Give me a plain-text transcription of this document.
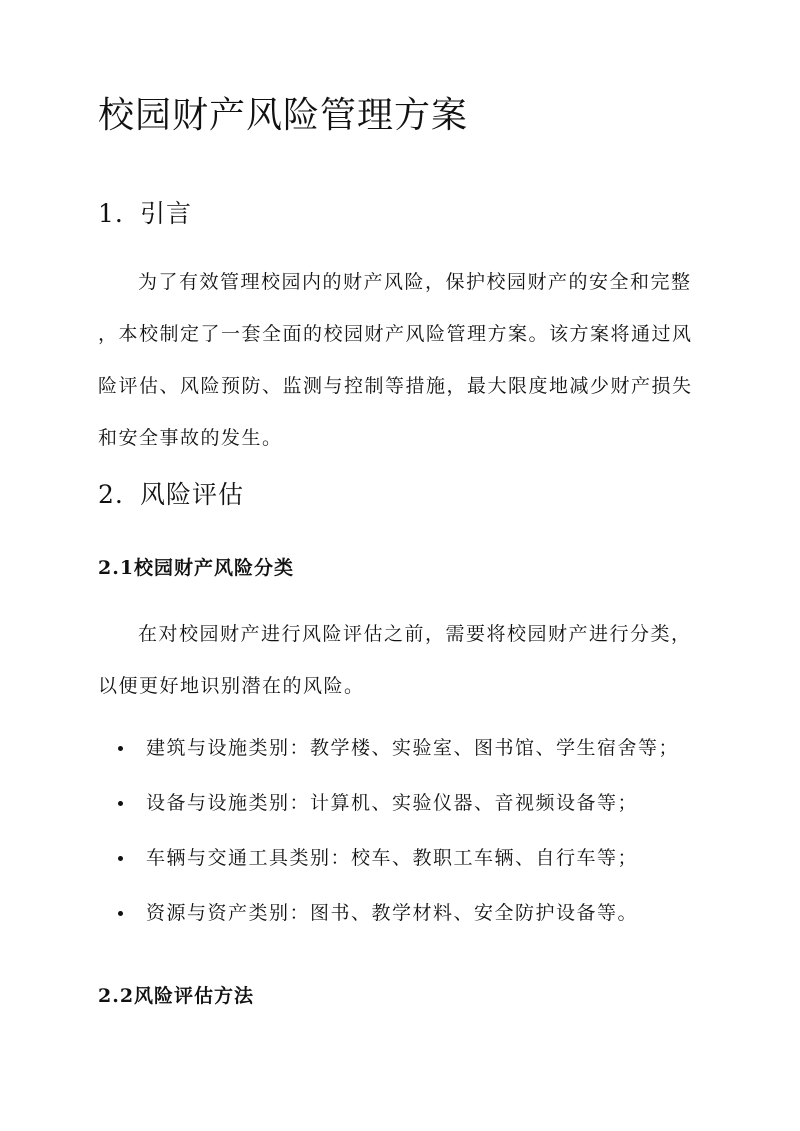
校园财产风险管理方案
1. 引言
为了有效管理校园内的财产风险，保护校园财产的安全和完整
，本校制定了一套全面的校园财产风险管理方案。该方案将通过风
险评估、风险预防、监测与控制等措施，最大限度地减少财产损失
和安全事故的发生。
2. 风险评估
2.1校园财产风险分类
在对校园财产进行风险评估之前，需要将校园财产进行分类，
以便更好地识别潜在的风险。
建筑与设施类别：教学楼、实验室、图书馆、学生宿舍等；
设备与设施类别：计算机、实验仪器、音视频设备等；
车辆与交通工具类别：校车、教职工车辆、自行车等；
资源与资产类别：图书、教学材料、安全防护设备等。
2.2风险评估方法
